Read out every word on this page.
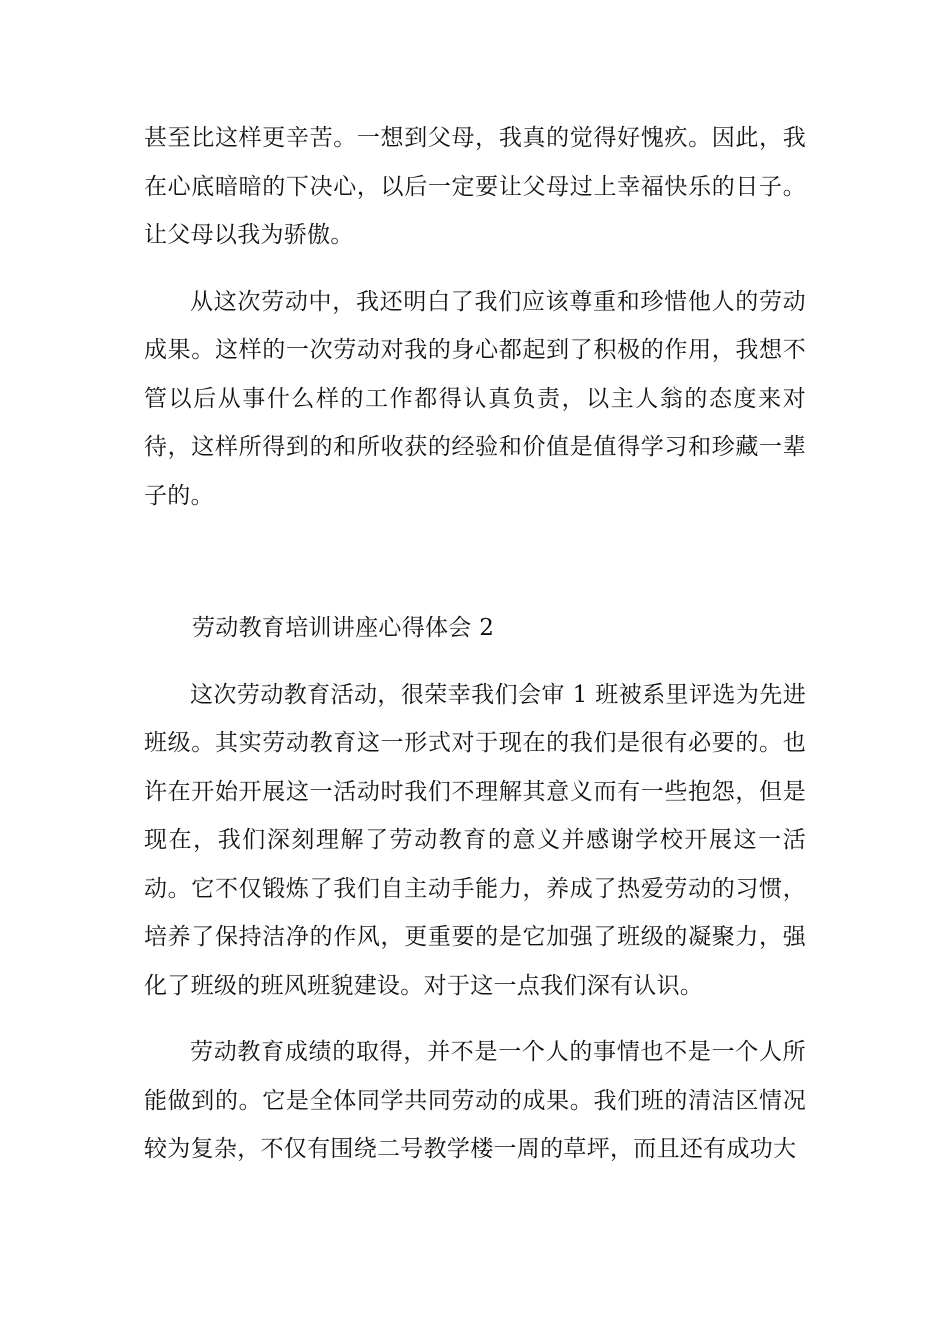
甚至比这样更辛苦。一想到父母，我真的觉得好愧疚。因此，我在心底暗暗的下决心，以后一定要让父母过上幸福快乐的日子。让父母以我为骄傲。

从这次劳动中，我还明白了我们应该尊重和珍惜他人的劳动成果。这样的一次劳动对我的身心都起到了积极的作用，我想不管以后从事什么样的工作都得认真负责，以主人翁的态度来对待，这样所得到的和所收获的经验和价值是值得学习和珍藏一辈子的。

劳动教育培训讲座心得体会 2

这次劳动教育活动，很荣幸我们会审 1 班被系里评选为先进班级。其实劳动教育这一形式对于现在的我们是很有必要的。也许在开始开展这一活动时我们不理解其意义而有一些抱怨，但是现在，我们深刻理解了劳动教育的意义并感谢学校开展这一活动。它不仅锻炼了我们自主动手能力，养成了热爱劳动的习惯，培养了保持洁净的作风，更重要的是它加强了班级的凝聚力，强化了班级的班风班貌建设。对于这一点我们深有认识。

劳动教育成绩的取得，并不是一个人的事情也不是一个人所能做到的。它是全体同学共同劳动的成果。我们班的清洁区情况较为复杂，不仅有围绕二号教学楼一周的草坪，而且还有成功大
